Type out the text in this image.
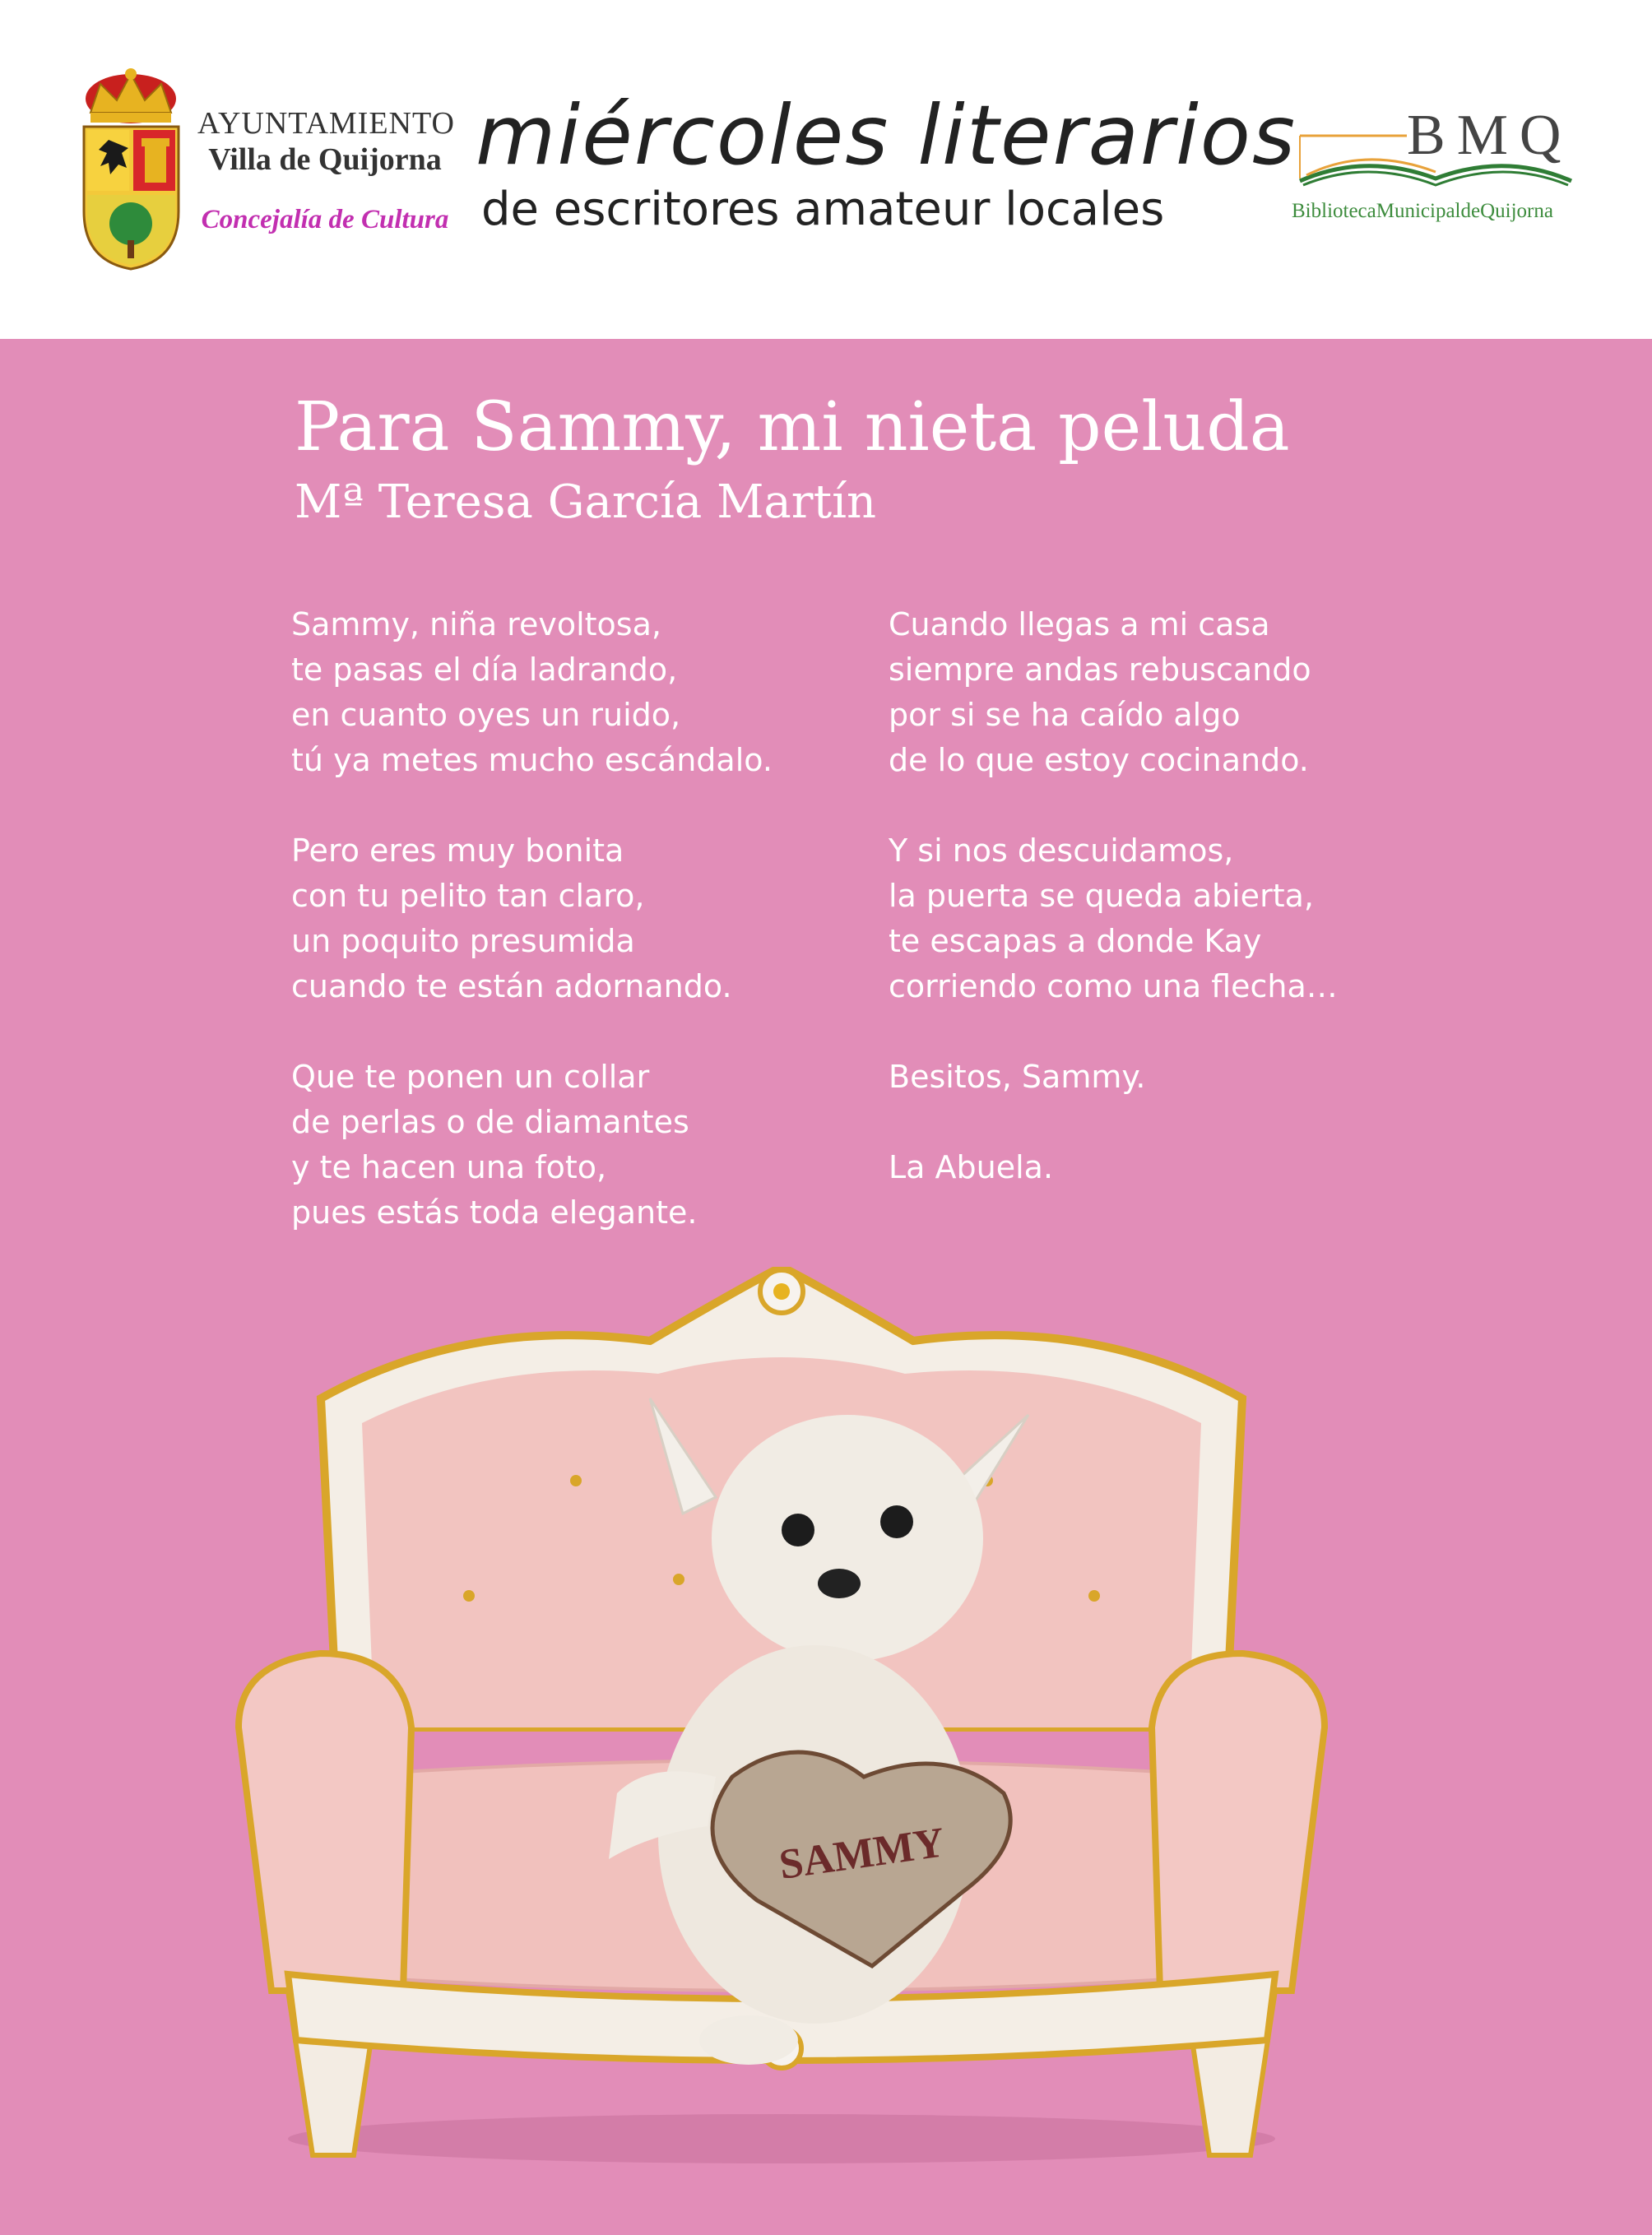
AYUNTAMIENTO
Villa de Quijorna
Concejalía de Cultura
miércoles literarios
de escritores amateur locales
BMQ
BibliotecaMunicipaldeQuijorna
Para Sammy, mi nieta peluda
Mª Teresa García Martín

Sammy, niña revoltosa,
te pasas el día ladrando,
en cuanto oyes un ruido,
tú ya metes mucho escándalo.

Pero eres muy bonita
con tu pelito tan claro,
un poquito presumida
cuando te están adornando.

Que te ponen un collar
de perlas o de diamantes
y te hacen una foto,
pues estás toda elegante.

Cuando llegas a mi casa
siempre andas rebuscando
por si se ha caído algo
de lo que estoy cocinando.

Y si nos descuidamos,
la puerta se queda abierta,
te escapas a donde Kay
corriendo como una flecha…

Besitos, Sammy.

La Abuela.

SAMMY
